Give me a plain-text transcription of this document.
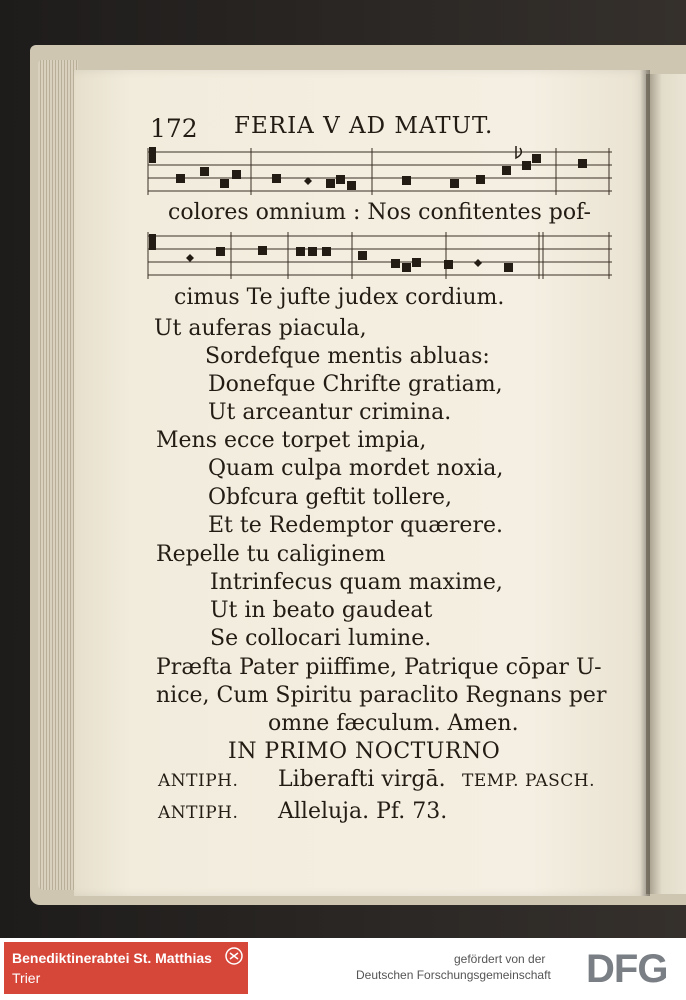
172 FERIA V AD MATUT.
colores omnium : Nos confitentes pof-
cimus Te jufte judex cordium.
Ut auferas piacula,
Sordefque mentis abluas:
Donefque Chrifte gratiam,
Ut arceantur crimina.
Mens ecce torpet impia,
Quam culpa mordet noxia,
Obfcura geftit tollere,
Et te Redemptor quærere.
Repelle tu caliginem
Intrinfecus quam maxime,
Ut in beato gaudeat
Se collocari lumine.
Præfta Pater piiffime, Patrique cōpar U-
nice, Cum Spiritu paraclito Regnans per
omne fæculum. Amen.
IN PRIMO NOCTURNO
ANTIPH. Liberafti virgā. TEMP. PASCH.
ANTIPH. Alleluja. Pf. 73.
Benediktinerabtei St. Matthias
Trier
gefördert von der
Deutschen Forschungsgemeinschaft DFG
